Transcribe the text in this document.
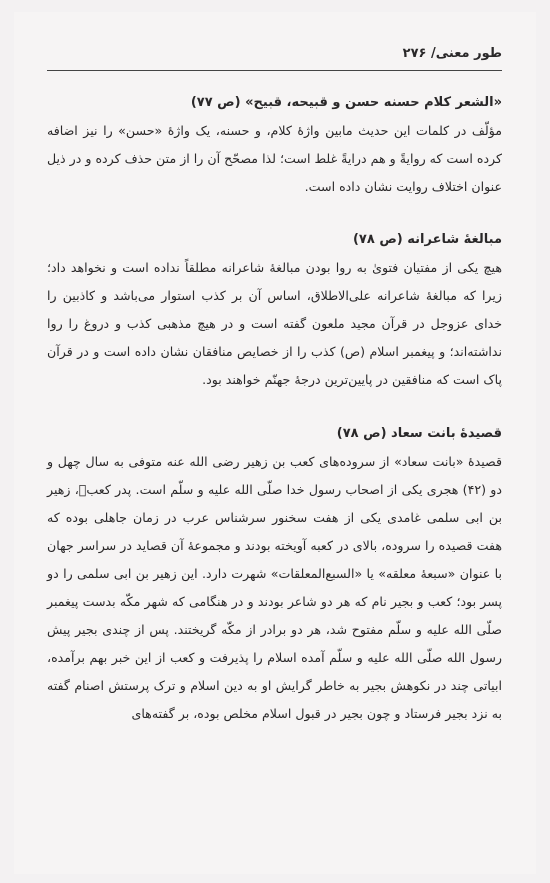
طور معنی/ ۲۷۶

«الشعر کلام حسنه حسن و قبیحه، قبیح» (ص ۷۷)

مؤلّف در کلمات این حدیث مابین واژهٔ کلام، و حسنه، یک واژهٔ «حسن» را نیز اضافه کرده است که روایةً و هم درایةً غلط است؛ لذا مصحّح آن را از متن حذف کرده و در ذیل عنوان اختلاف روایت نشان داده است.

مبالغهٔ شاعرانه (ص ۷۸)

هیچ یکی از مفتیان فتویٰ به روا بودن مبالغهٔ شاعرانه مطلقاً نداده است و نخواهد داد؛ زیرا که مبالغهٔ شاعرانه علی‌الاطلاق، اساس آن بر کذب استوار می‌باشد و کاذبین را خدای عزوجل در قرآن مجید ملعون گفته است و در هیچ مذهبی کذب و دروغ را روا نداشته‌اند؛ و پیغمبر اسلام (ص) کذب را از خصایص منافقان نشان داده است و در قرآن پاک است که منافقین در پایین‌ترین درجهٔ جهنّم خواهند بود.

قصیدهٔ بانت سعاد (ص ۷۸)

قصیدهٔ «بانت سعاد» از سروده‌های کعب بن زهیر رضی الله عنه متوفی به سال چهل و دو (۴۲) هجری یکی از اصحاب رسول خدا صلّی الله علیه و سلّم است. پدر کعبؓ، زهیر بن ابی سلمی غامدی یکی از هفت سخنور سرشناس عرب در زمان جاهلی بوده که هفت قصیده را سروده، بالای در کعبه آویخته بودند و مجموعهٔ آن قصاید در سراسر جهان با عنوان «سبعهٔ معلقه» یا «السبع‌المعلقات» شهرت دارد. این زهیر بن ابی سلمی را دو پسر بود؛ کعب و بجیر نام که هر دو شاعر بودند و در هنگامی که شهر مکّه بدست پیغمبر صلّی الله علیه و سلّم مفتوح شد، هر دو برادر از مکّه گریختند. پس از چندی بجیر پیش رسول الله صلّی الله علیه و سلّم آمده اسلام را پذیرفت و کعب از این خبر بهم برآمده، ابیاتی چند در نکوهش بجیر به خاطر گرایش او به دین اسلام و ترک پرستش اصنام گفته به نزد بجیر فرستاد و چون بجیر در قبول اسلام مخلص بوده، بر گفته‌های
